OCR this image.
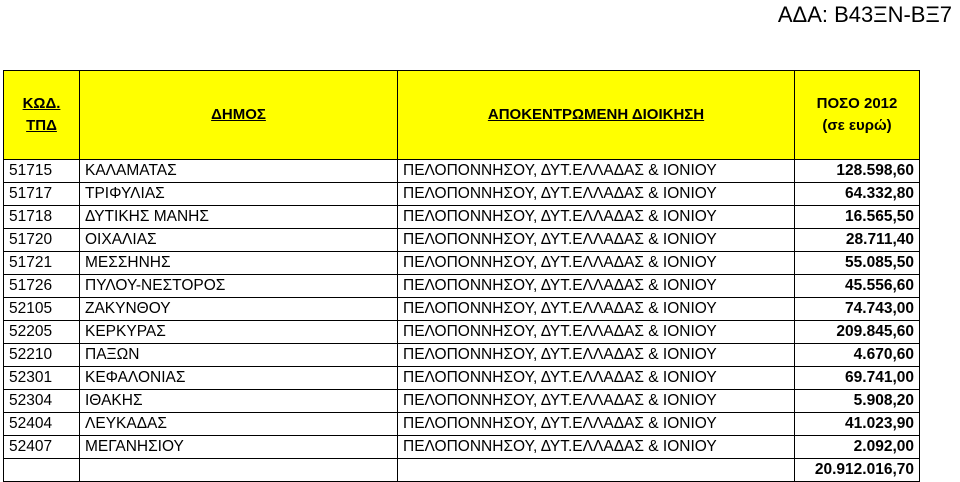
ΑΔΑ: Β43ΞΝ-ΒΞ7
ΚΩΔ.
ΤΠΔ	ΔΗΜΟΣ	ΑΠΟΚΕΝΤΡΩΜΕΝΗ ΔΙΟΙΚΗΣΗ	ΠΟΣΟ 2012
(σε ευρώ)

51715	ΚΑΛΑΜΑΤΑΣ	ΠΕΛΟΠΟΝΝΗΣΟΥ, ΔΥΤ.ΕΛΛΑΔΑΣ & ΙΟΝΙΟΥ	128.598,60
51717	ΤΡΙΦΥΛΙΑΣ	ΠΕΛΟΠΟΝΝΗΣΟΥ, ΔΥΤ.ΕΛΛΑΔΑΣ & ΙΟΝΙΟΥ	64.332,80
51718	ΔΥΤΙΚΗΣ ΜΑΝΗΣ	ΠΕΛΟΠΟΝΝΗΣΟΥ, ΔΥΤ.ΕΛΛΑΔΑΣ & ΙΟΝΙΟΥ	16.565,50
51720	ΟΙΧΑΛΙΑΣ	ΠΕΛΟΠΟΝΝΗΣΟΥ, ΔΥΤ.ΕΛΛΑΔΑΣ & ΙΟΝΙΟΥ	28.711,40
51721	ΜΕΣΣΗΝΗΣ	ΠΕΛΟΠΟΝΝΗΣΟΥ, ΔΥΤ.ΕΛΛΑΔΑΣ & ΙΟΝΙΟΥ	55.085,50
51726	ΠΥΛΟΥ-ΝΕΣΤΟΡΟΣ	ΠΕΛΟΠΟΝΝΗΣΟΥ, ΔΥΤ.ΕΛΛΑΔΑΣ & ΙΟΝΙΟΥ	45.556,60
52105	ΖΑΚΥΝΘΟΥ	ΠΕΛΟΠΟΝΝΗΣΟΥ, ΔΥΤ.ΕΛΛΑΔΑΣ & ΙΟΝΙΟΥ	74.743,00
52205	ΚΕΡΚΥΡΑΣ	ΠΕΛΟΠΟΝΝΗΣΟΥ, ΔΥΤ.ΕΛΛΑΔΑΣ & ΙΟΝΙΟΥ	209.845,60
52210	ΠΑΞΩΝ	ΠΕΛΟΠΟΝΝΗΣΟΥ, ΔΥΤ.ΕΛΛΑΔΑΣ & ΙΟΝΙΟΥ	4.670,60
52301	ΚΕΦΑΛΟΝΙΑΣ	ΠΕΛΟΠΟΝΝΗΣΟΥ, ΔΥΤ.ΕΛΛΑΔΑΣ & ΙΟΝΙΟΥ	69.741,00
52304	ΙΘΑΚΗΣ	ΠΕΛΟΠΟΝΝΗΣΟΥ, ΔΥΤ.ΕΛΛΑΔΑΣ & ΙΟΝΙΟΥ	5.908,20
52404	ΛΕΥΚΑΔΑΣ	ΠΕΛΟΠΟΝΝΗΣΟΥ, ΔΥΤ.ΕΛΛΑΔΑΣ & ΙΟΝΙΟΥ	41.023,90
52407	ΜΕΓΑΝΗΣΙΟΥ	ΠΕΛΟΠΟΝΝΗΣΟΥ, ΔΥΤ.ΕΛΛΑΔΑΣ & ΙΟΝΙΟΥ	2.092,00
			20.912.016,70
